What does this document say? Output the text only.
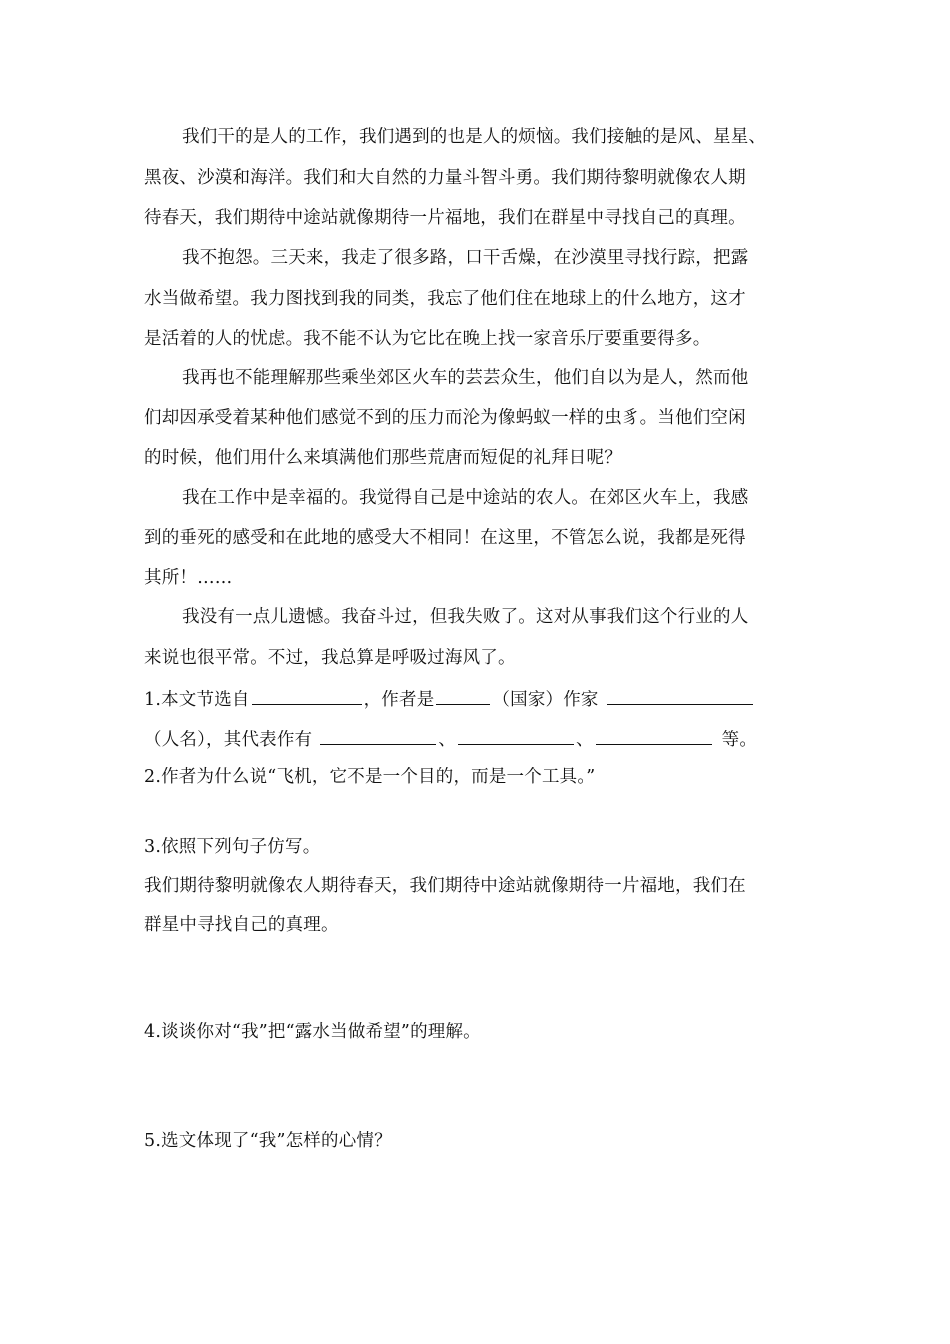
我们干的是人的工作，我们遇到的也是人的烦恼。我们接触的是风、星星、
黑夜、沙漠和海洋。我们和大自然的力量斗智斗勇。我们期待黎明就像农人期
待春天，我们期待中途站就像期待一片福地，我们在群星中寻找自己的真理。
我不抱怨。三天来，我走了很多路，口干舌燥，在沙漠里寻找行踪，把露
水当做希望。我力图找到我的同类，我忘了他们住在地球上的什么地方，这才
是活着的人的忧虑。我不能不认为它比在晚上找一家音乐厅要重要得多。
我再也不能理解那些乘坐郊区火车的芸芸众生，他们自以为是人，然而他
们却因承受着某种他们感觉不到的压力而沦为像蚂蚁一样的虫豸。当他们空闲
的时候，他们用什么来填满他们那些荒唐而短促的礼拜日呢？
我在工作中是幸福的。我觉得自己是中途站的农人。在郊区火车上，我感
到的垂死的感受和在此地的感受大不相同！在这里，不管怎么说，我都是死得
其所！……
我没有一点儿遗憾。我奋斗过，但我失败了。这对从事我们这个行业的人
来说也很平常。不过，我总算是呼吸过海风了。
1.本文节选自	，作者是	（国家）作家
（人名），其代表作有	、	、	等。
2.作者为什么说“飞机，它不是一个目的，而是一个工具。”
3.依照下列句子仿写。
我们期待黎明就像农人期待春天，我们期待中途站就像期待一片福地，我们在
群星中寻找自己的真理。
4.谈谈你对“我”把“露水当做希望”的理解。
5.选文体现了“我”怎样的心情？
